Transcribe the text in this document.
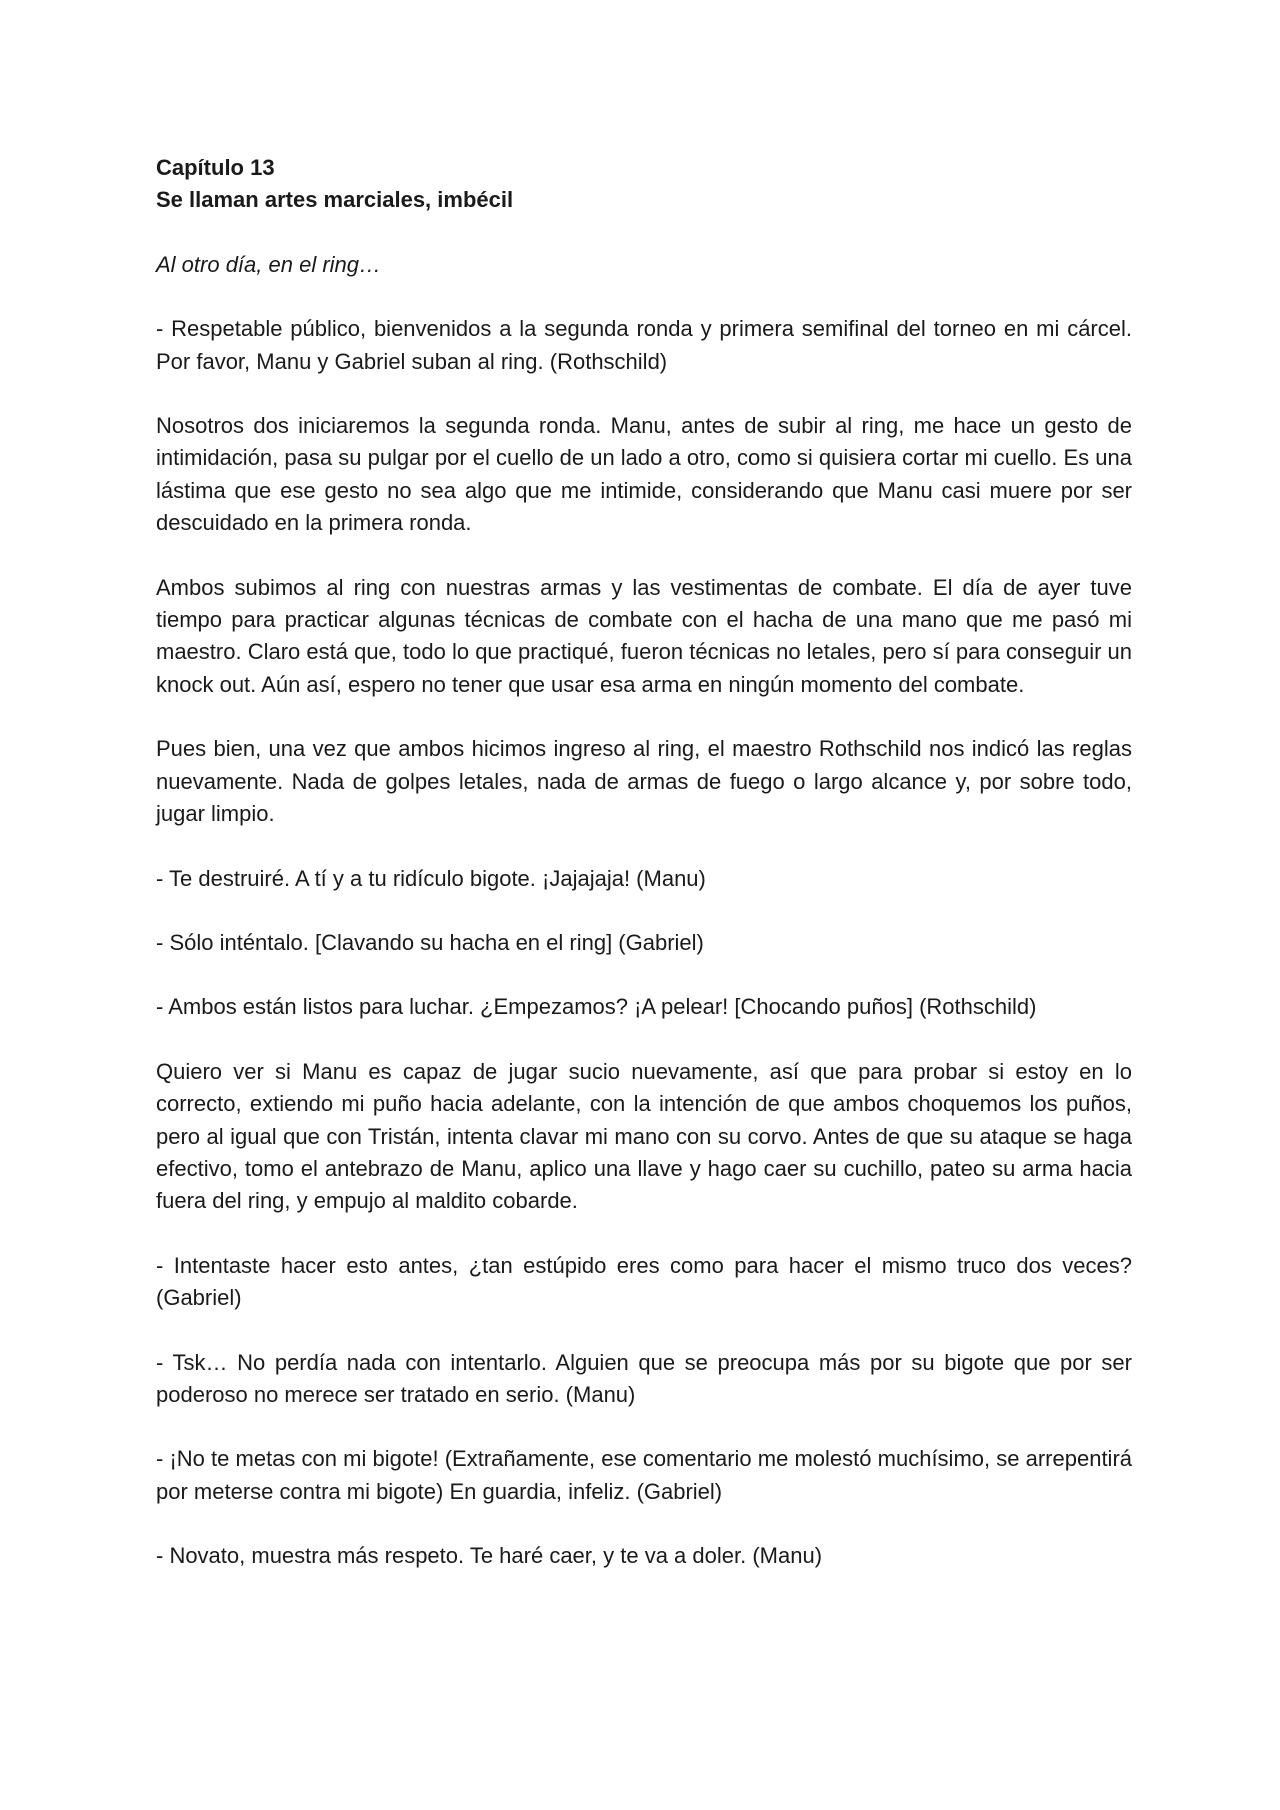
Capítulo 13

Se llaman artes marciales, imbécil

Al otro día, en el ring…

- Respetable público, bienvenidos a la segunda ronda y primera semifinal del torneo en mi cárcel. Por favor, Manu y Gabriel suban al ring. (Rothschild)

Nosotros dos iniciaremos la segunda ronda. Manu, antes de subir al ring, me hace un gesto de intimidación, pasa su pulgar por el cuello de un lado a otro, como si quisiera cortar mi cuello. Es una lástima que ese gesto no sea algo que me intimide, considerando que Manu casi muere por ser descuidado en la primera ronda.

Ambos subimos al ring con nuestras armas y las vestimentas de combate. El día de ayer tuve tiempo para practicar algunas técnicas de combate con el hacha de una mano que me pasó mi maestro. Claro está que, todo lo que practiqué, fueron técnicas no letales, pero sí para conseguir un knock out. Aún así, espero no tener que usar esa arma en ningún momento del combate.

Pues bien, una vez que ambos hicimos ingreso al ring, el maestro Rothschild nos indicó las reglas nuevamente. Nada de golpes letales, nada de armas de fuego o largo alcance y, por sobre todo, jugar limpio.

- Te destruiré. A tí y a tu ridículo bigote. ¡Jajajaja! (Manu)

- Sólo inténtalo. [Clavando su hacha en el ring] (Gabriel)

- Ambos están listos para luchar. ¿Empezamos? ¡A pelear! [Chocando puños] (Rothschild)

Quiero ver si Manu es capaz de jugar sucio nuevamente, así que para probar si estoy en lo correcto, extiendo mi puño hacia adelante, con la intención de que ambos choquemos los puños, pero al igual que con Tristán, intenta clavar mi mano con su corvo. Antes de que su ataque se haga efectivo, tomo el antebrazo de Manu, aplico una llave y hago caer su cuchillo, pateo su arma hacia fuera del ring, y empujo al maldito cobarde.

- Intentaste hacer esto antes, ¿tan estúpido eres como para hacer el mismo truco dos veces? (Gabriel)

- Tsk… No perdía nada con intentarlo. Alguien que se preocupa más por su bigote que por ser poderoso no merece ser tratado en serio. (Manu)

- ¡No te metas con mi bigote! (Extrañamente, ese comentario me molestó muchísimo, se arrepentirá por meterse contra mi bigote) En guardia, infeliz. (Gabriel)

- Novato, muestra más respeto. Te haré caer, y te va a doler. (Manu)
